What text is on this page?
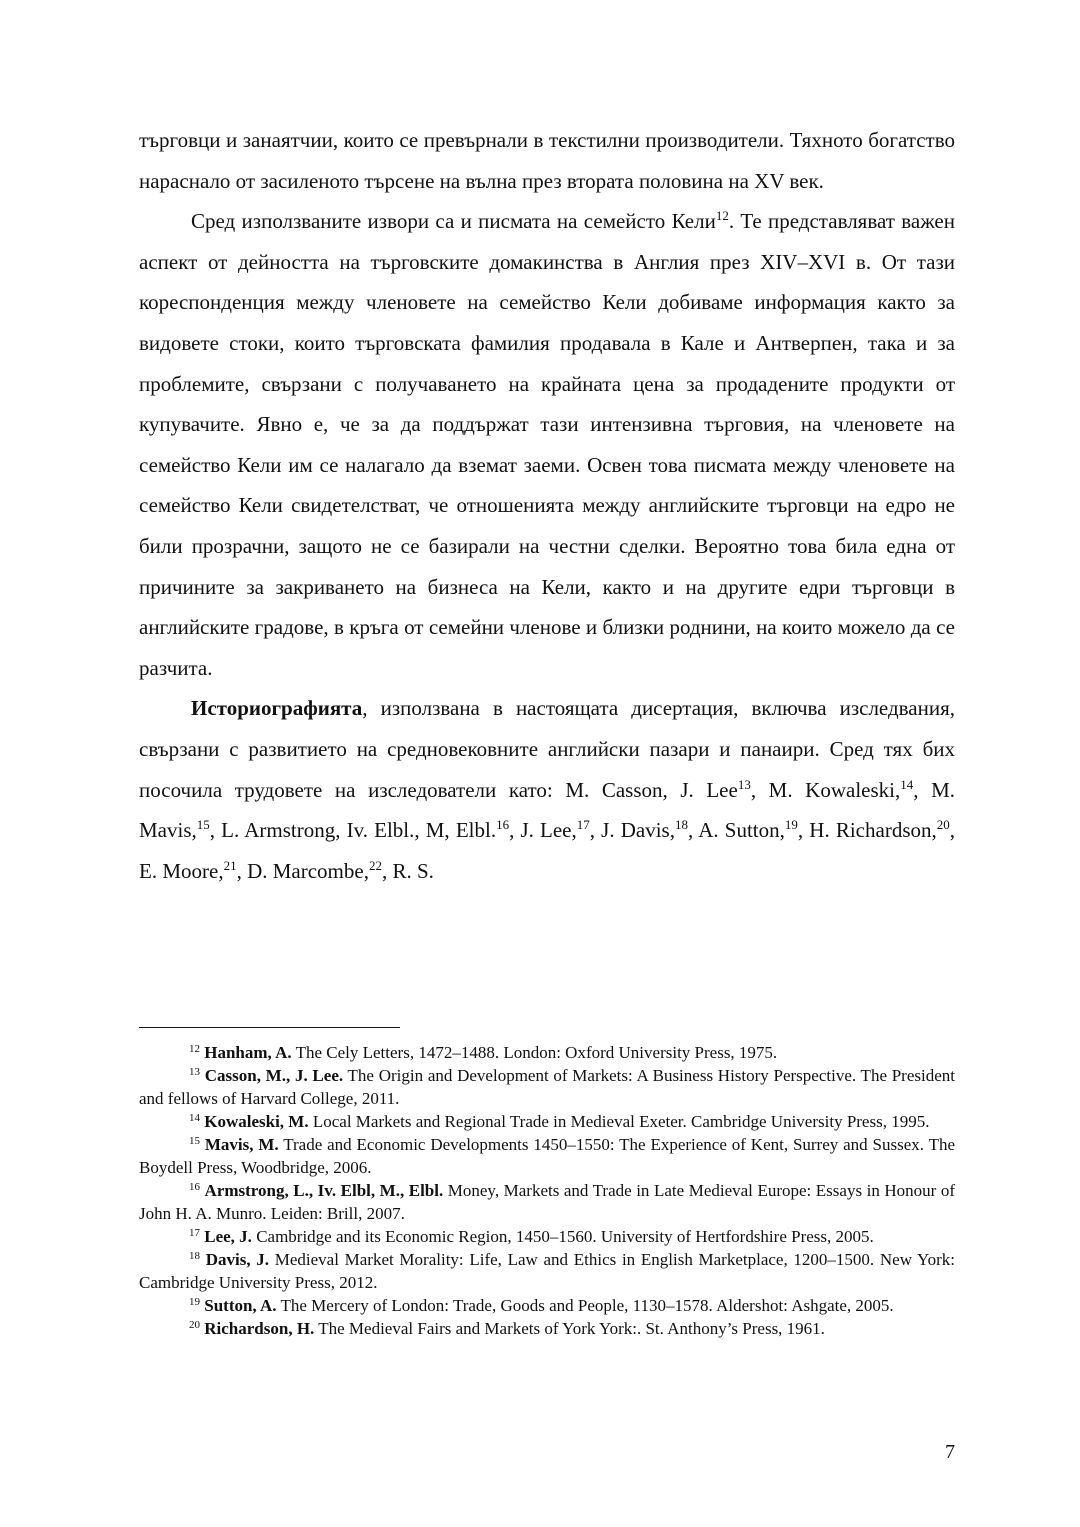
търговци и занаятчии, които се превърнали в текстилни производители. Тяхното богатство нараснало от засиленото търсене на вълна през втората половина на XV век.

Сред използваните извори са и писмата на семейсто Кели$^{12}$. Те представляват важен аспект от дейността на търговските домакинства в Англия през XIV–XVI в. От тази кореспонденция между членовете на семейство Кели добиваме информация както за видовете стоки, които търговската фамилия продавала в Кале и Антверпен, така и за проблемите, свързани с получаването на крайната цена за продадените продукти от купувачите. Явно е, че за да поддържат тази интензивна търговия, на членовете на семейство Кели им се налагало да вземат заеми. Освен това писмата между членовете на семейство Кели свидетелстват, че отношенията между английските търговци на едро не били прозрачни, защото не се базирали на честни сделки. Вероятно това била една от причините за закриването на бизнеса на Кели, както и на другите едри търговци в английските градове, в кръга от семейни членове и близки роднини, на които можело да се разчита.

Историографията, използвана в настоящата дисертация, включва изследвания, свързани с развитието на средновековните английски пазари и панаири. Сред тях бих посочила трудовете на изследователи като: M. Casson, J. Lee$^{13}$, M. Kowaleski,$^{14}$, M. Mavis,$^{15}$, L. Armstrong, Iv. Elbl., M, Elbl.$^{16}$, J. Lee,$^{17}$, J. Davis,$^{18}$, A. Sutton,$^{19}$, H. Richardson,$^{20}$, E. Moore,$^{21}$, D. Marcombe,$^{22}$, R. S.

$^{12}$ Hanham, A. The Cely Letters, 1472–1488. London: Oxford University Press, 1975.

$^{13}$ Casson, M., J. Lee. The Origin and Development of Markets: A Business History Perspective. The President and fellows of Harvard College, 2011.

$^{14}$ Kowaleski, M. Local Markets and Regional Trade in Medieval Exeter. Cambridge University Press, 1995.

$^{15}$ Mavis, M. Trade and Economic Developments 1450–1550: The Experience of Kent, Surrey and Sussex. The Boydell Press, Woodbridge, 2006.

$^{16}$ Armstrong, L., Iv. Elbl, M., Elbl. Money, Markets and Trade in Late Medieval Europe: Essays in Honour of John H. A. Munro. Leiden: Brill, 2007.

$^{17}$ Lee, J. Cambridge and its Economic Region, 1450–1560. University of Hertfordshire Press, 2005.

$^{18}$ Davis, J. Medieval Market Morality: Life, Law and Ethics in English Marketplace, 1200–1500. New York: Cambridge University Press, 2012.

$^{19}$ Sutton, A. The Mercery of London: Trade, Goods and People, 1130–1578. Aldershot: Ashgate, 2005.

$^{20}$ Richardson, H. The Medieval Fairs and Markets of York York:. St. Anthony’s Press, 1961.

7
